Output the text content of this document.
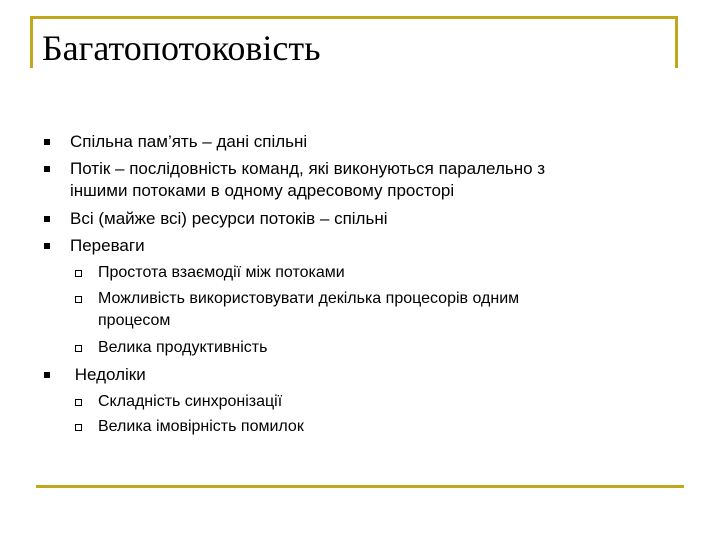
Багатопотоковість
Спільна пам’ять – дані спільні
Потік – послідовність команд, які виконуються паралельно з
іншими потоками в одному адресовому просторі
Всі (майже всі) ресурси потоків – спільні
Переваги
Простота взаємодії між потоками
Можливість використовувати декілька процесорів одним
процесом
Велика продуктивність
Недоліки
Складність синхронізації
Велика імовірність помилок
